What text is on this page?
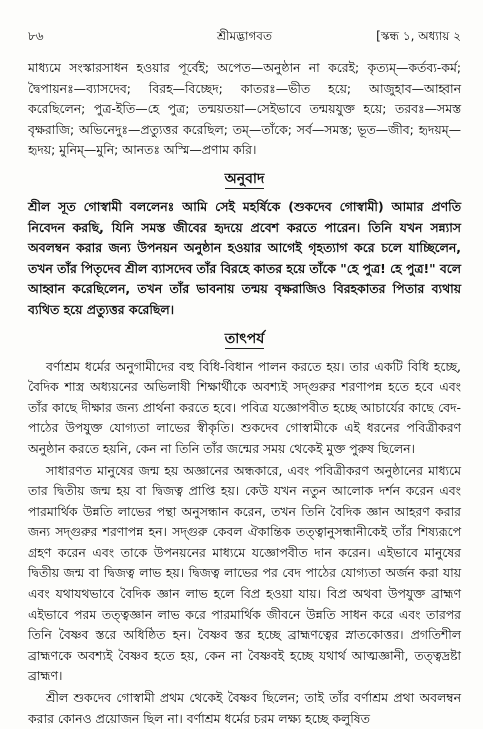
৮৬	শ্রীমদ্ভাগবত	[স্কন্ধ ১, অধ্যায় ২

মাধ্যমে সংস্কারসাধন হওয়ার পূর্বেই; অপেত—অনুষ্ঠান না করেই; কৃত্যম্—কর্তব্য-কর্ম; দ্বৈপায়নঃ—ব্যাসদেব; বিরহ—বিচ্ছেদ; কাতরঃ—ভীত হয়ে; আজুহাব—আহ্বান করেছিলেন; পুত্র-ইতি—হে পুত্র; তন্ময়তয়া—সেইভাবে তন্ময়যুক্ত হয়ে; তরবঃ—সমস্ত বৃক্ষরাজি; অভিনেদুঃ—প্রত্যুত্তর করেছিল; তম্—তাঁকে; সর্ব—সমস্ত; ভূত—জীব; হৃদয়ম্—হৃদয়; মুনিম্—মুনি; আনতঃ অস্মি—প্রণাম করি।

অনুবাদ

শ্রীল সূত গোস্বামী বললেনঃ আমি সেই মহর্ষিকে (শুকদেব গোস্বামী) আমার প্রণতি নিবেদন করছি, যিনি সমস্ত জীবের হৃদয়ে প্রবেশ করতে পারেন। তিনি যখন সন্ন্যাস অবলম্বন করার জন্য উপনয়ন অনুষ্ঠান হওয়ার আগেই গৃহত্যাগ করে চলে যাচ্ছিলেন, তখন তাঁর পিতৃদেব শ্রীল ব্যাসদেব তাঁর বিরহে কাতর হয়ে তাঁকে "হে পুত্র! হে পুত্র!" বলে আহ্বান করেছিলেন, তখন তাঁর ভাবনায় তন্ময় বৃক্ষরাজিও বিরহকাতর পিতার ব্যথায় ব্যথিত হয়ে প্রত্যুত্তর করেছিল।

তাৎপর্য

বর্ণাশ্রম ধর্মের অনুগামীদের বহু বিধি-বিধান পালন করতে হয়। তার একটি বিধি হচ্ছে, বৈদিক শাস্ত্র অধ্যয়নের অভিলাষী শিক্ষার্থীকে অবশ্যই সদ্গুরুর শরণাপন্ন হতে হবে এবং তাঁর কাছে দীক্ষার জন্য প্রার্থনা করতে হবে। পবিত্র যজ্ঞোপবীত হচ্ছে আচার্যের কাছে বেদ-পাঠের উপযুক্ত যোগ্যতা লাভের স্বীকৃতি। শুকদেব গোস্বামীকে এই ধরনের পবিত্রীকরণ অনুষ্ঠান করতে হয়নি, কেন না তিনি তাঁর জন্মের সময় থেকেই মুক্ত পুরুষ ছিলেন।

সাধারণত মানুষের জন্ম হয় অজ্ঞানের অন্ধকারে, এবং পবিত্রীকরণ অনুষ্ঠানের মাধ্যমে তার দ্বিতীয় জন্ম হয় বা দ্বিজত্ব প্রাপ্তি হয়। কেউ যখন নতুন আলোক দর্শন করেন এবং পারমার্থিক উন্নতি লাভের পন্থা অনুসন্ধান করেন, তখন তিনি বৈদিক জ্ঞান আহরণ করার জন্য সদ্গুরুর শরণাপন্ন হন। সদ্গুরু কেবল ঐকান্তিক তত্ত্বানুসন্ধানীকেই তাঁর শিষ্যরূপে গ্রহণ করেন এবং তাকে উপনয়নের মাধ্যমে যজ্ঞোপবীত দান করেন। এইভাবে মানুষের দ্বিতীয় জন্ম বা দ্বিজত্ব লাভ হয়। দ্বিজত্ব লাভের পর বেদ পাঠের যোগ্যতা অর্জন করা যায় এবং যথাযথভাবে বৈদিক জ্ঞান লাভ হলে বিপ্র হওয়া যায়। বিপ্র অথবা উপযুক্ত ব্রাহ্মণ এইভাবে পরম তত্ত্বজ্ঞান লাভ করে পারমার্থিক জীবনে উন্নতি সাধন করে এবং তারপর তিনি বৈষ্ণব স্তরে অধিষ্ঠিত হন। বৈষ্ণব স্তর হচ্ছে ব্রাহ্মণত্বের স্নাতকোত্তর। প্রগতিশীল ব্রাহ্মণকে অবশ্যই বৈষ্ণব হতে হয়, কেন না বৈষ্ণবই হচ্ছে যথার্থ আত্মজ্ঞানী, তত্ত্বদ্রষ্টা ব্রাহ্মণ।

শ্রীল শুকদেব গোস্বামী প্রথম থেকেই বৈষ্ণব ছিলেন; তাই তাঁর বর্ণাশ্রম প্রথা অবলম্বন করার কোনও প্রয়োজন ছিল না। বর্ণাশ্রম ধর্মের চরম লক্ষ্য হচ্ছে কলুষিত
